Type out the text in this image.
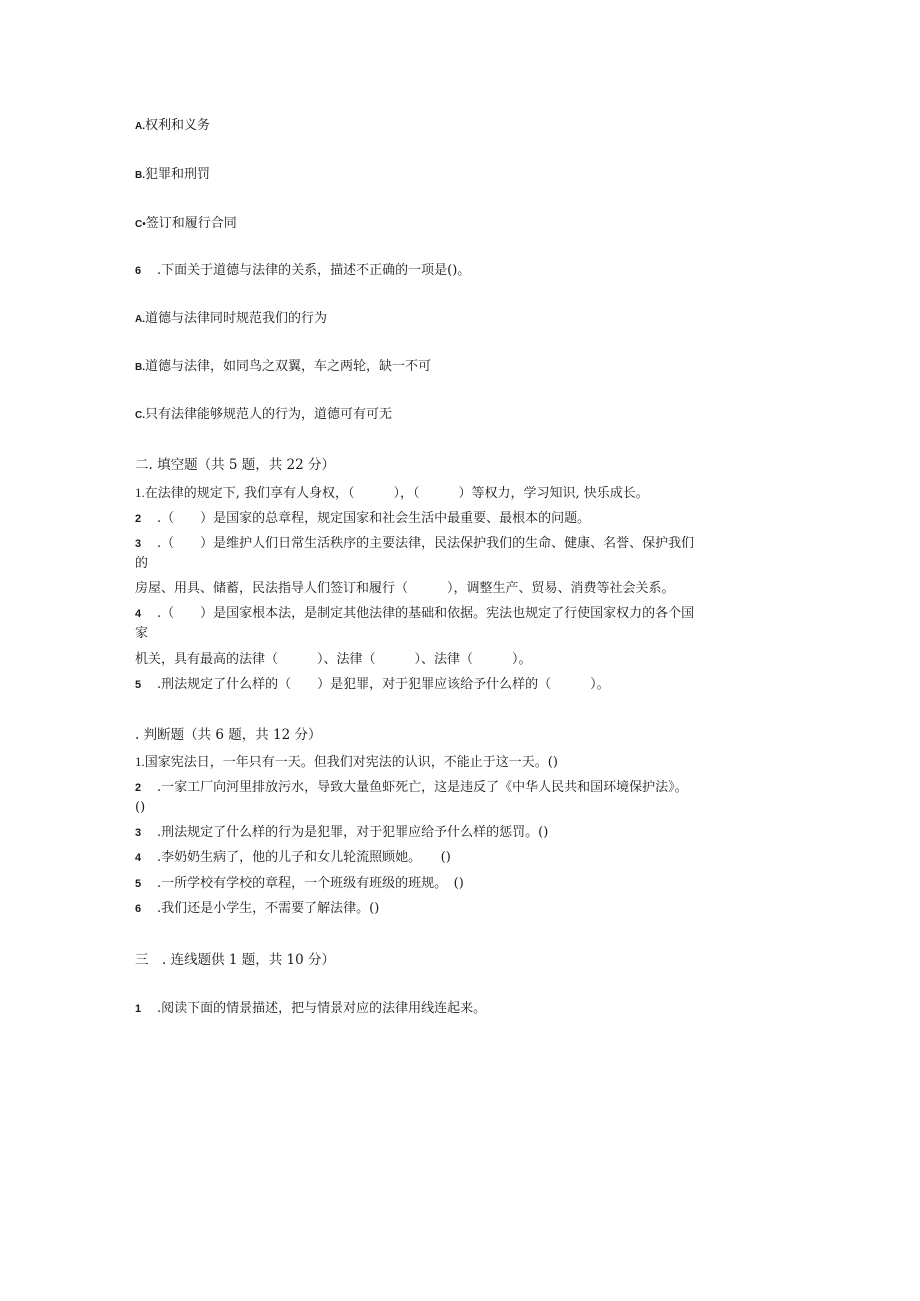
A.权利和义务

B.犯罪和刑罚

C•签订和履行合同

6 .下面关于道德与法律的关系，描述不正确的一项是()。

A.道德与法律同时规范我们的行为

B.道德与法律，如同鸟之双翼，车之两轮，缺一不可

C.只有法律能够规范人的行为，道德可有可无

二. 填空题（共 5 题，共 22 分）

1.在法律的规定下, 我们享有人身权，（　　　），（　　　）等权力，学习知识, 快乐成长。

2 .（　　）是国家的总章程，规定国家和社会生活中最重要、最根本的问题。

3 .（　　）是维护人们日常生活秩序的主要法律，民法保护我们的生命、健康、名誉、保护我们

的

房屋、用具、储蓄，民法指导人们签订和履行（　　　），调整生产、贸易、消费等社会关系。

4 .（　　）是国家根本法，是制定其他法律的基础和依据。宪法也规定了行使国家权力的各个国

家

机关，具有最高的法律（　　　）、法律（　　　）、法律（　　　）。

5 .刑法规定了什么样的（　　）是犯罪，对于犯罪应该给予什么样的（　　　）。

. 判断题（共 6 题，共 12 分）

1.国家宪法日，一年只有一天。但我们对宪法的认识，不能止于这一天。()

2 .一家工厂向河里排放污水，导致大量鱼虾死亡，这是违反了《中华人民共和国环境保护法》。

()

3 .刑法规定了什么样的行为是犯罪，对于犯罪应给予什么样的惩罚。()

4 .李奶奶生病了，他的儿子和女儿轮流照顾她。　　()

5 .一所学校有学校的章程，一个班级有班级的班规。　()

6 .我们还是小学生，不需要了解法律。()

三　. 连线题供 1 题，共 10 分）

1 .阅读下面的情景描述，把与情景对应的法律用线连起来。
